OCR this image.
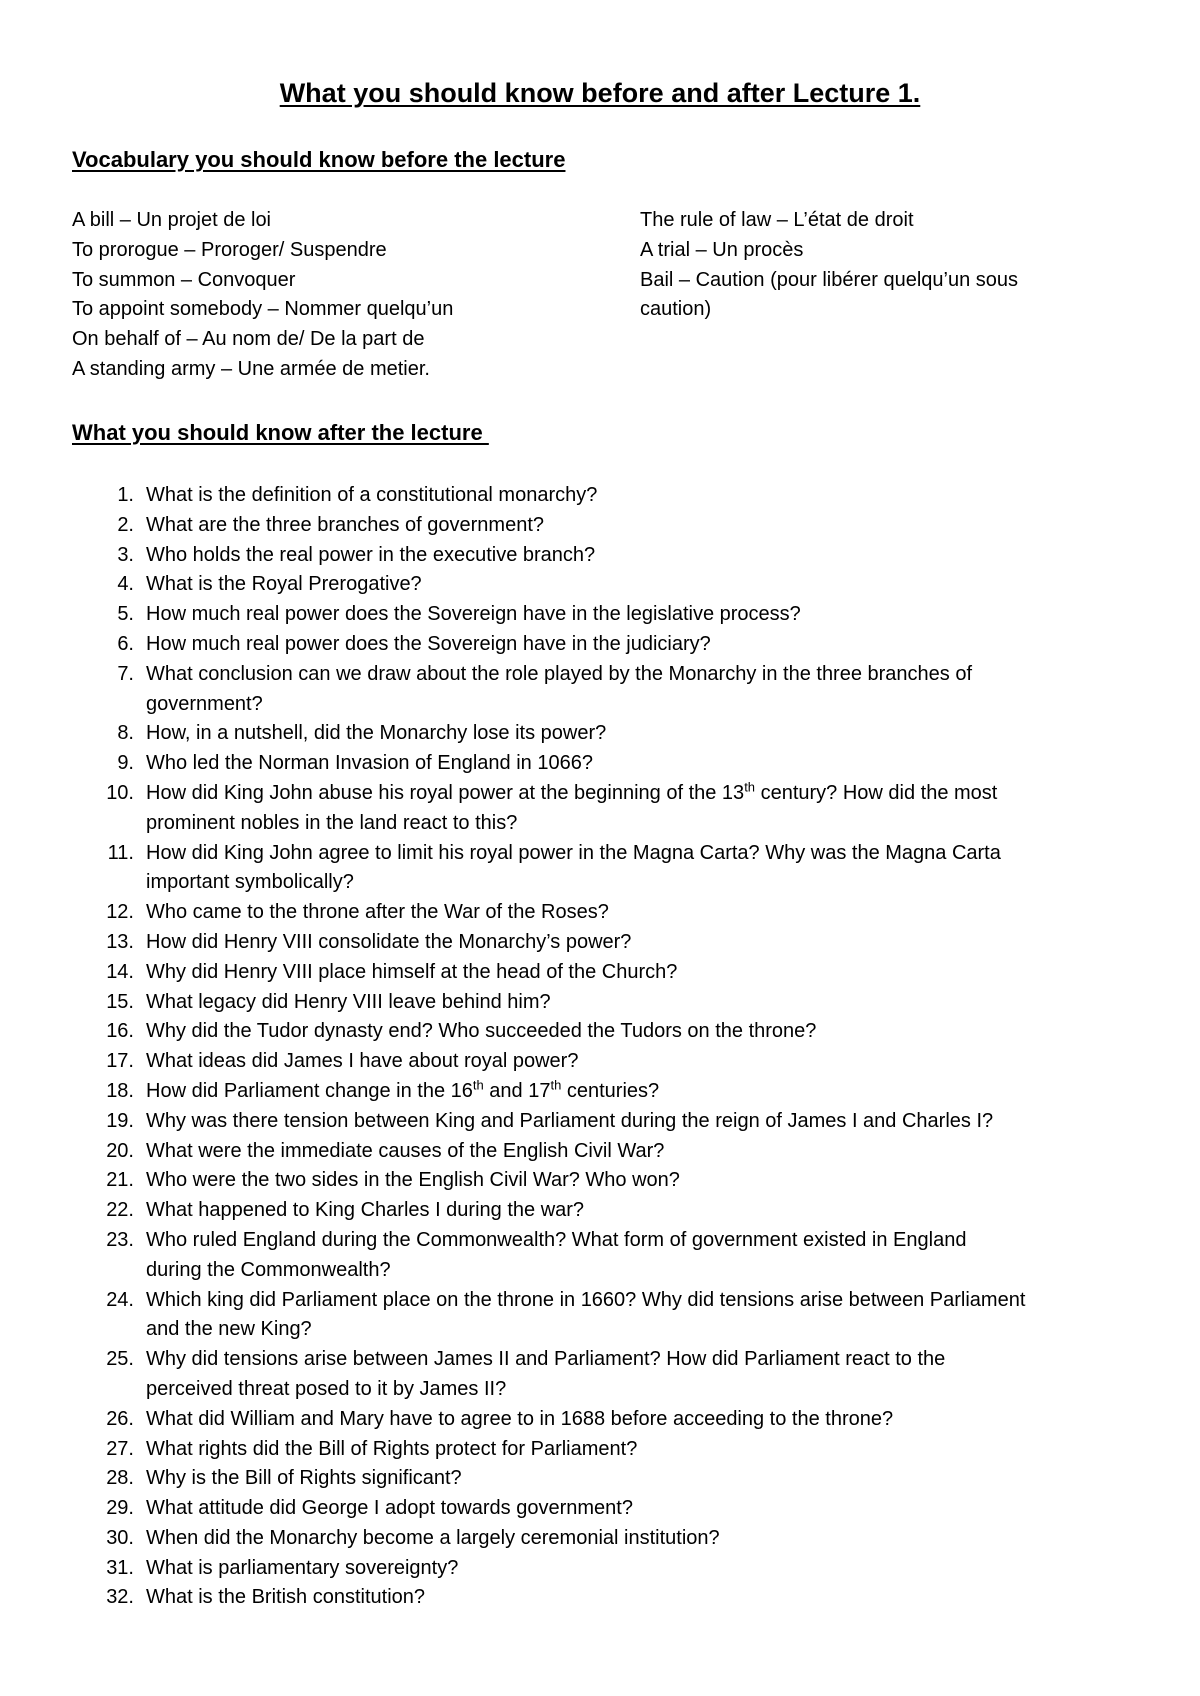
What you should know before and after Lecture 1.
Vocabulary you should know before the lecture
A bill – Un projet de loi
To prorogue – Proroger/ Suspendre
To summon – Convoquer
To appoint somebody – Nommer quelqu’un
On behalf of – Au nom de/ De la part de
A standing army – Une armée de metier.
The rule of law – L’état de droit
A trial – Un procès
Bail – Caution (pour libérer quelqu’un sous
caution)
What you should know after the lecture
1. What is the definition of a constitutional monarchy?
2. What are the three branches of government?
3. Who holds the real power in the executive branch?
4. What is the Royal Prerogative?
5. How much real power does the Sovereign have in the legislative process?
6. How much real power does the Sovereign have in the judiciary?
7. What conclusion can we draw about the role played by the Monarchy in the three branches of
government?
8. How, in a nutshell, did the Monarchy lose its power?
9. Who led the Norman Invasion of England in 1066?
10. How did King John abuse his royal power at the beginning of the 13th century? How did the most
prominent nobles in the land react to this?
11. How did King John agree to limit his royal power in the Magna Carta? Why was the Magna Carta
important symbolically?
12. Who came to the throne after the War of the Roses?
13. How did Henry VIII consolidate the Monarchy’s power?
14. Why did Henry VIII place himself at the head of the Church?
15. What legacy did Henry VIII leave behind him?
16. Why did the Tudor dynasty end? Who succeeded the Tudors on the throne?
17. What ideas did James I have about royal power?
18. How did Parliament change in the 16th and 17th centuries?
19. Why was there tension between King and Parliament during the reign of James I and Charles I?
20. What were the immediate causes of the English Civil War?
21. Who were the two sides in the English Civil War? Who won?
22. What happened to King Charles I during the war?
23. Who ruled England during the Commonwealth? What form of government existed in England
during the Commonwealth?
24. Which king did Parliament place on the throne in 1660? Why did tensions arise between Parliament
and the new King?
25. Why did tensions arise between James II and Parliament? How did Parliament react to the
perceived threat posed to it by James II?
26. What did William and Mary have to agree to in 1688 before acceeding to the throne?
27. What rights did the Bill of Rights protect for Parliament?
28. Why is the Bill of Rights significant?
29. What attitude did George I adopt towards government?
30. When did the Monarchy become a largely ceremonial institution?
31. What is parliamentary sovereignty?
32. What is the British constitution?
